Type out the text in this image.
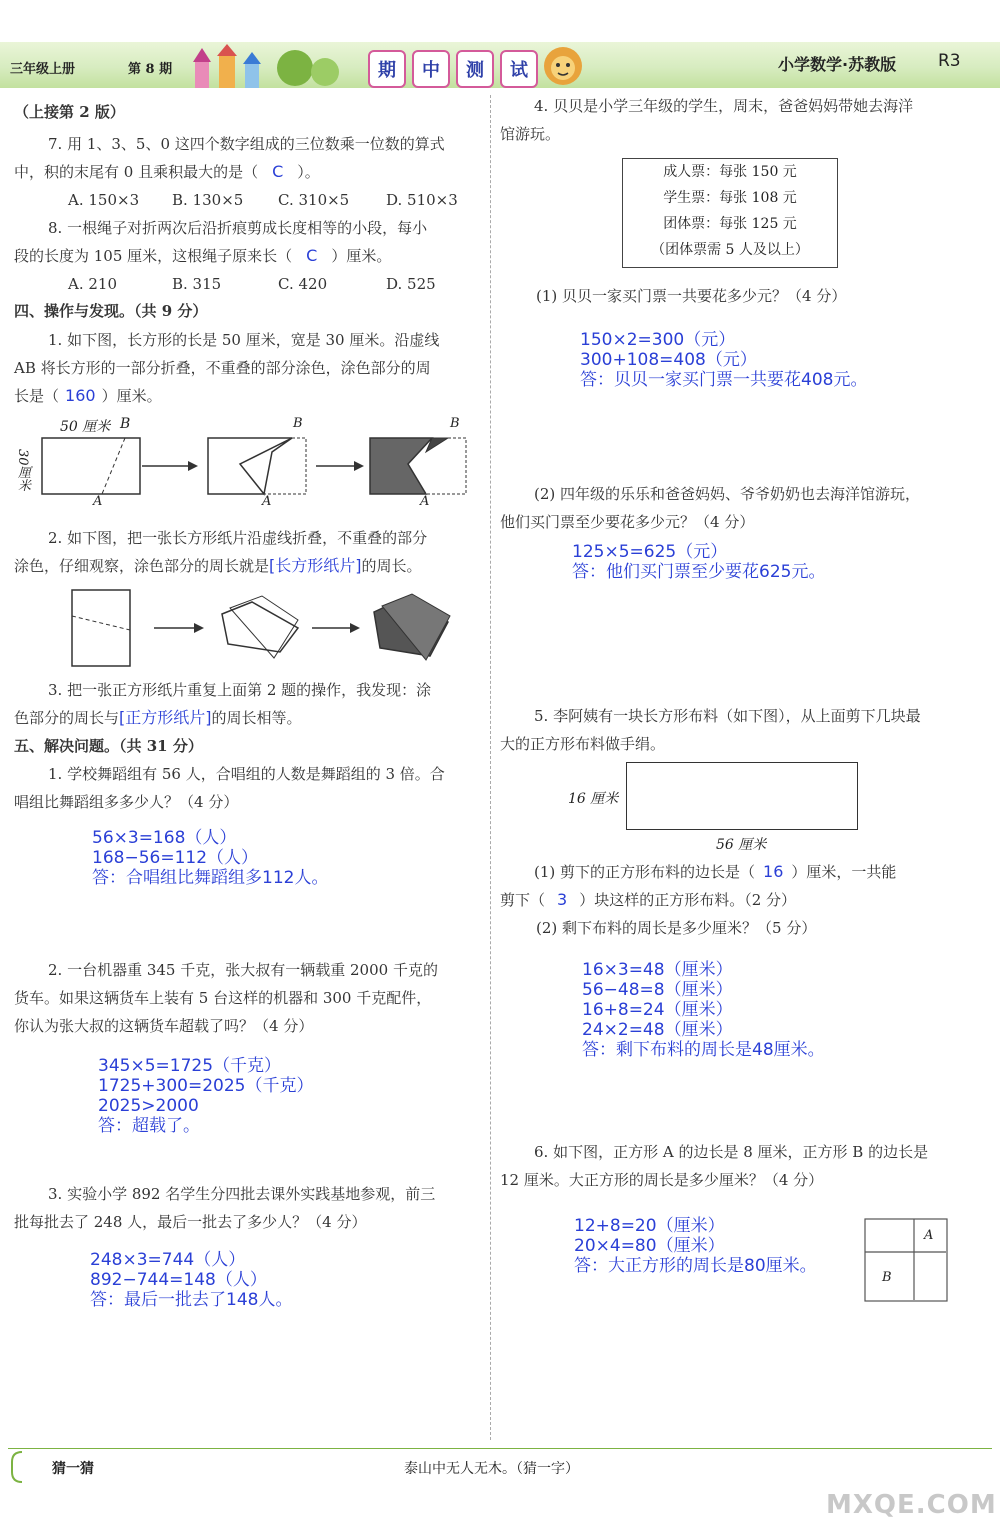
三年级上册	第 8 期	期	中	测	试	小学数学·苏教版 R3
（上接第 2 版）
7. 用 1、3、5、0 这四个数字组成的三位数乘一位数的算式
中，积的末尾有 0 且乘积最大的是（ C ）。
A. 150×3	B. 130×5	C. 310×5	D. 510×3
8. 一根绳子对折两次后沿折痕剪成长度相等的小段，每小
段的长度为 105 厘米，这根绳子原来长（ C ）厘米。
A. 210	B. 315	C. 420	D. 525
四、操作与发现。（共 9 分）
1. 如下图，长方形的长是 50 厘米，宽是 30 厘米。沿虚线
AB 将长方形的一部分折叠，不重叠的部分涂色，涂色部分的周
长是（ 160 ）厘米。
50 厘米 B
30厘米
A	A
B
A
B
2. 如下图，把一张长方形纸片沿虚线折叠，不重叠的部分
涂色，仔细观察，涂色部分的周长就是[长方形纸片]的周长。
3. 把一张正方形纸片重复上面第 2 题的操作，我发现：涂
色部分的周长与[正方形纸片]的周长相等。
五、解决问题。（共 31 分）
1. 学校舞蹈组有 56 人，合唱组的人数是舞蹈组的 3 倍。合
唱组比舞蹈组多多少人？（4 分）
56×3=168（人）
168−56=112（人）
答：合唱组比舞蹈组多112人。
2. 一台机器重 345 千克，张大叔有一辆载重 2000 千克的
货车。如果这辆货车上装有 5 台这样的机器和 300 千克配件，
你认为张大叔的这辆货车超载了吗？（4 分）
345×5=1725（千克）
1725+300=2025（千克）
2025>2000
答：超载了。
3. 实验小学 892 名学生分四批去课外实践基地参观，前三
批每批去了 248 人，最后一批去了多少人？（4 分）
248×3=744（人）
892−744=148（人）
答：最后一批去了148人。
4. 贝贝是小学三年级的学生，周末，爸爸妈妈带她去海洋
馆游玩。
成人票：每张 150 元
学生票：每张 108 元
团体票：每张 125 元
（团体票需 5 人及以上）
(1) 贝贝一家买门票一共要花多少元？（4 分）
150×2=300（元）
300+108=408（元）
答：贝贝一家买门票一共要花408元。
(2) 四年级的乐乐和爸爸妈妈、爷爷奶奶也去海洋馆游玩，
他们买门票至少要花多少元？（4 分）
125×5=625（元）
答：他们买门票至少要花625元。
5. 李阿姨有一块长方形布料（如下图），从上面剪下几块最
大的正方形布料做手绢。
16 厘米
56 厘米
(1) 剪下的正方形布料的边长是（ 16 ）厘米，一共能
剪下（ 3 ）块这样的正方形布料。（2 分）
(2) 剩下布料的周长是多少厘米？（5 分）
16×3=48（厘米）
56−48=8（厘米）
16+8=24（厘米）
24×2=48（厘米）
答：剩下布料的周长是48厘米。
6. 如下图，正方形 A 的边长是 8 厘米，正方形 B 的边长是
12 厘米。大正方形的周长是多少厘米？（4 分）
12+8=20（厘米）
20×4=80（厘米）
答：大正方形的周长是80厘米。
A
B
猜一猜	泰山中无人无木。（猜一字）
MXQE.COM
